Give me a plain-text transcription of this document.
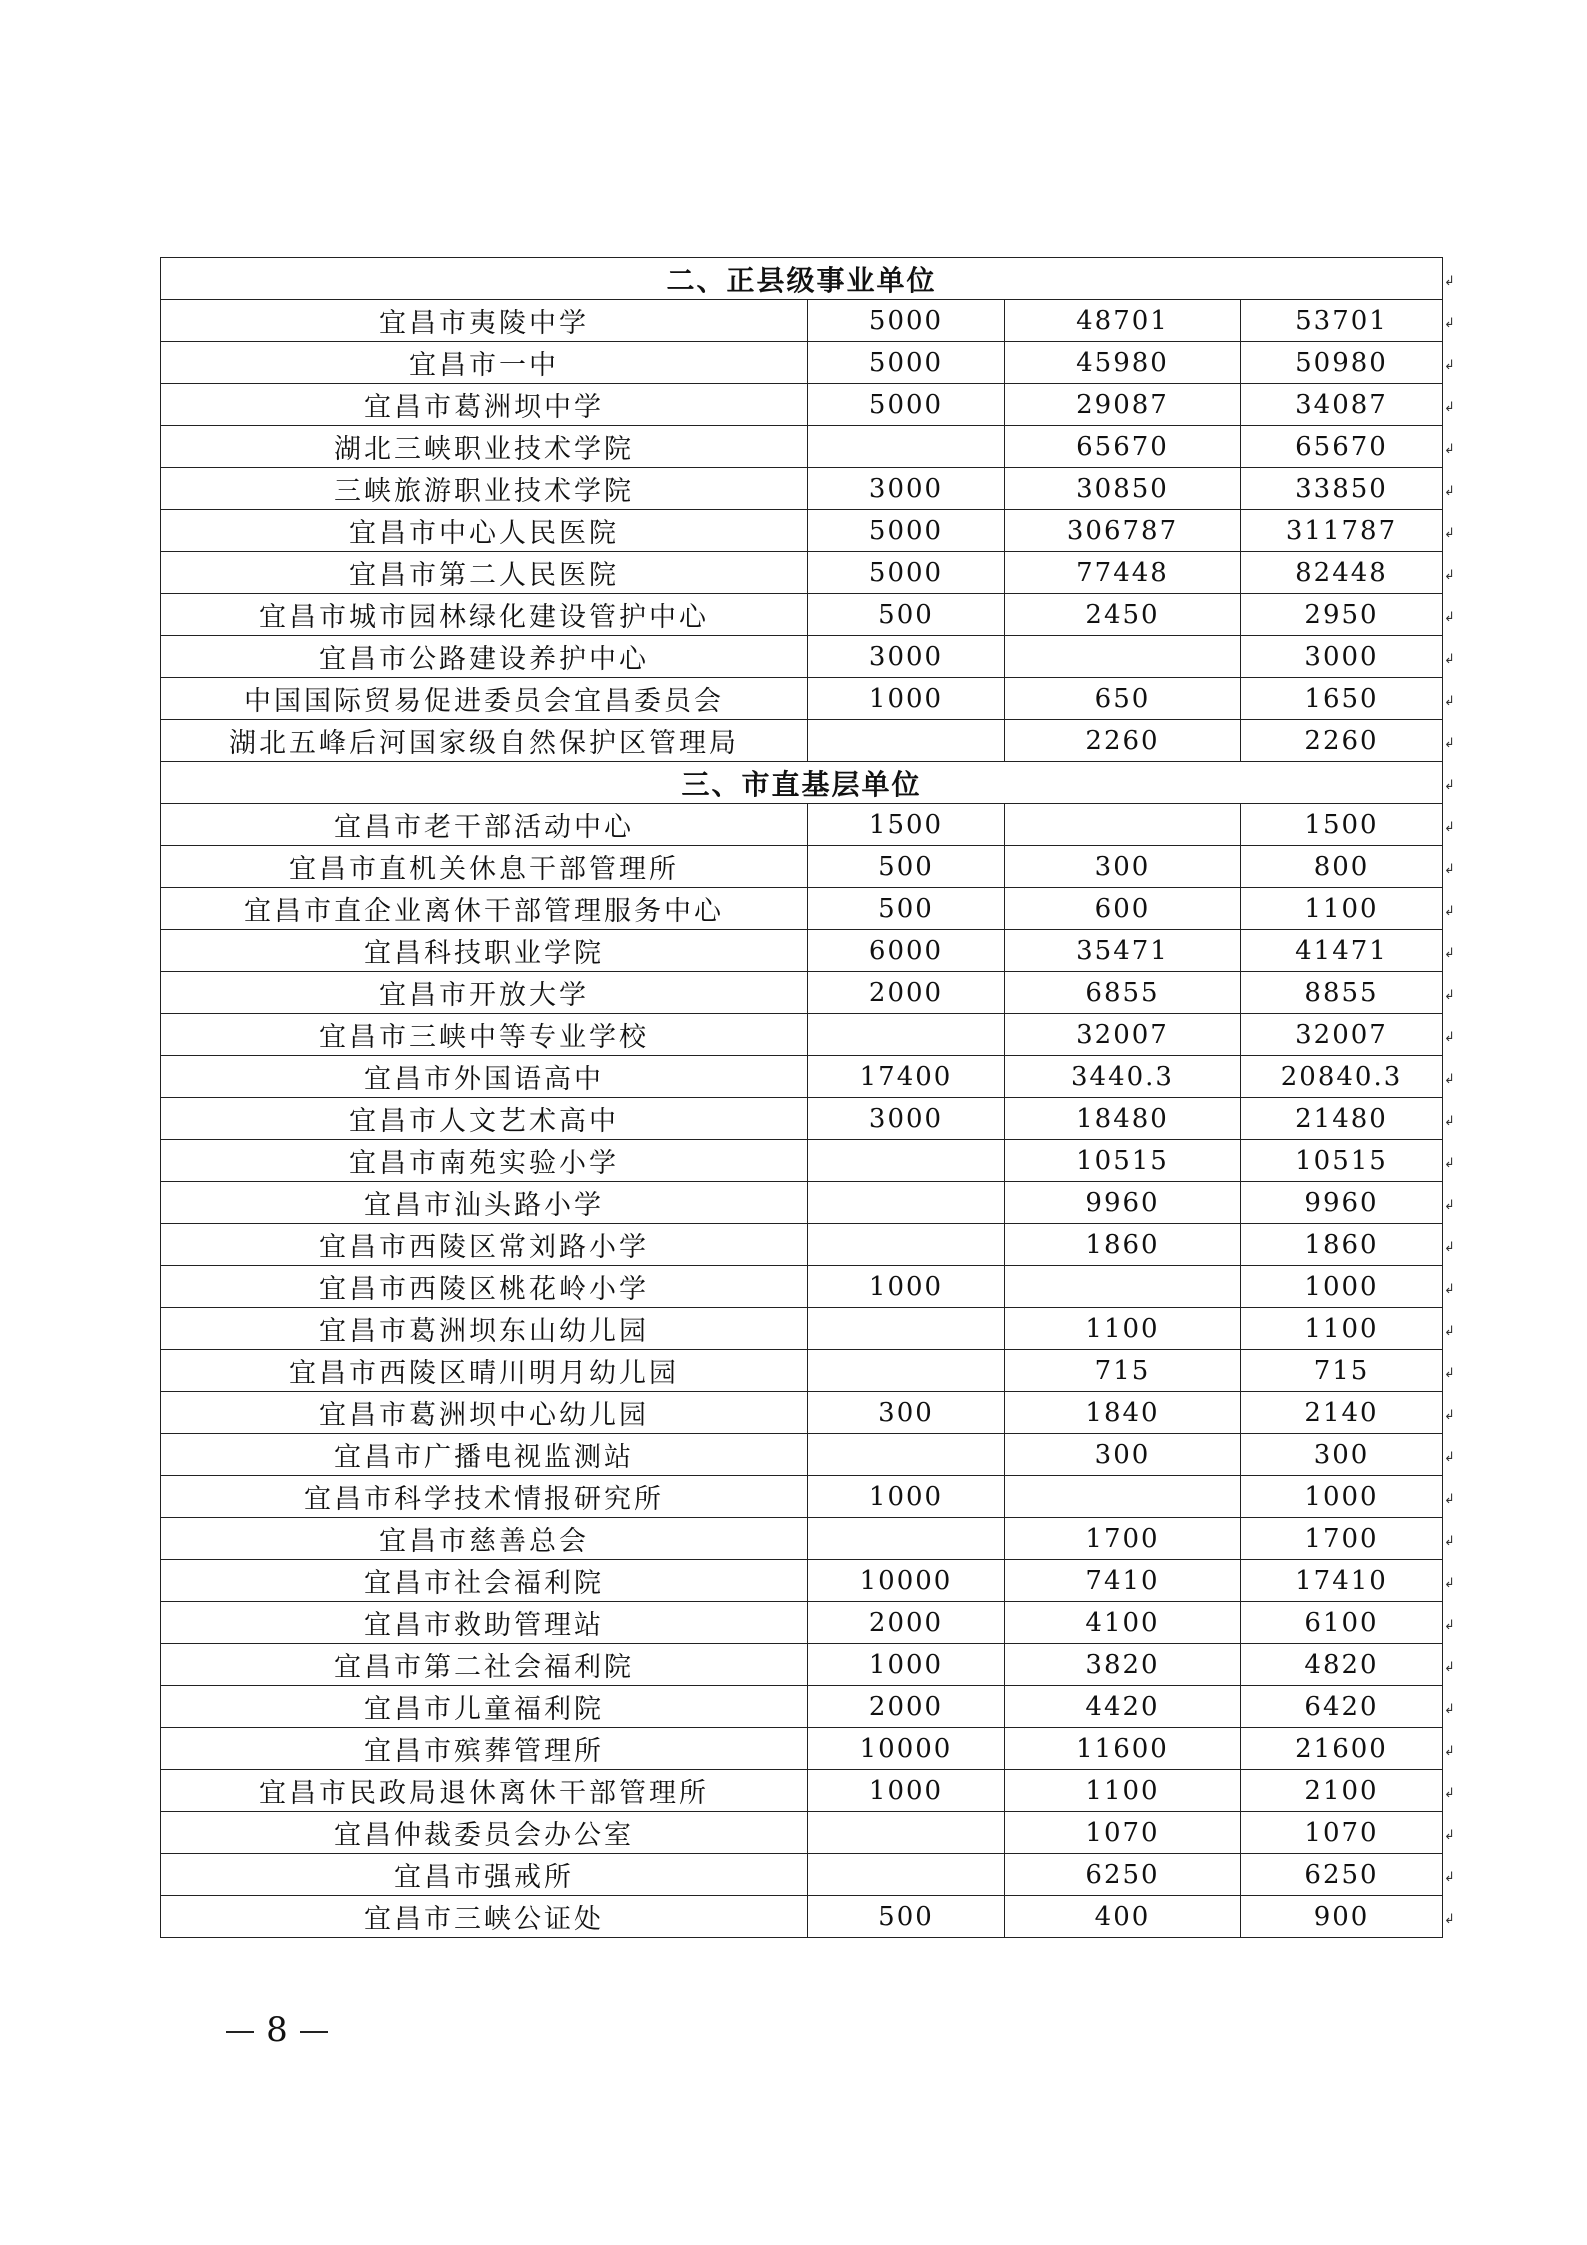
二、正县级事业单位			
宜昌市夷陵中学	5000	48701	53701
宜昌市一中	5000	45980	50980
宜昌市葛洲坝中学	5000	29087	34087
湖北三峡职业技术学院		65670	65670
三峡旅游职业技术学院	3000	30850	33850
宜昌市中心人民医院	5000	306787	311787
宜昌市第二人民医院	5000	77448	82448
宜昌市城市园林绿化建设管护中心	500	2450	2950
宜昌市公路建设养护中心	3000		3000
中国国际贸易促进委员会宜昌委员会	1000	650	1650
湖北五峰后河国家级自然保护区管理局		2260	2260
三、市直基层单位			
宜昌市老干部活动中心	1500		1500
宜昌市直机关休息干部管理所	500	300	800
宜昌市直企业离休干部管理服务中心	500	600	1100
宜昌科技职业学院	6000	35471	41471
宜昌市开放大学	2000	6855	8855
宜昌市三峡中等专业学校		32007	32007
宜昌市外国语高中	17400	3440.3	20840.3
宜昌市人文艺术高中	3000	18480	21480
宜昌市南苑实验小学		10515	10515
宜昌市汕头路小学		9960	9960
宜昌市西陵区常刘路小学		1860	1860
宜昌市西陵区桃花岭小学	1000		1000
宜昌市葛洲坝东山幼儿园		1100	1100
宜昌市西陵区晴川明月幼儿园		715	715
宜昌市葛洲坝中心幼儿园	300	1840	2140
宜昌市广播电视监测站		300	300
宜昌市科学技术情报研究所	1000		1000
宜昌市慈善总会		1700	1700
宜昌市社会福利院	10000	7410	17410
宜昌市救助管理站	2000	4100	6100
宜昌市第二社会福利院	1000	3820	4820
宜昌市儿童福利院	2000	4420	6420
宜昌市殡葬管理所	10000	11600	21600
宜昌市民政局退休离休干部管理所	1000	1100	2100
宜昌仲裁委员会办公室		1070	1070
宜昌市强戒所		6250	6250
宜昌市三峡公证处	500	400	900
↲
↲
↲
↲
↲
↲
↲
↲
↲
↲
↲
↲
↲
↲
↲
↲
↲
↲
↲
↲
↲
↲
↲
↲
↲
↲
↲
↲
↲
↲
↲
↲
↲
↲
↲
↲
↲
↲
↲
↲
8
